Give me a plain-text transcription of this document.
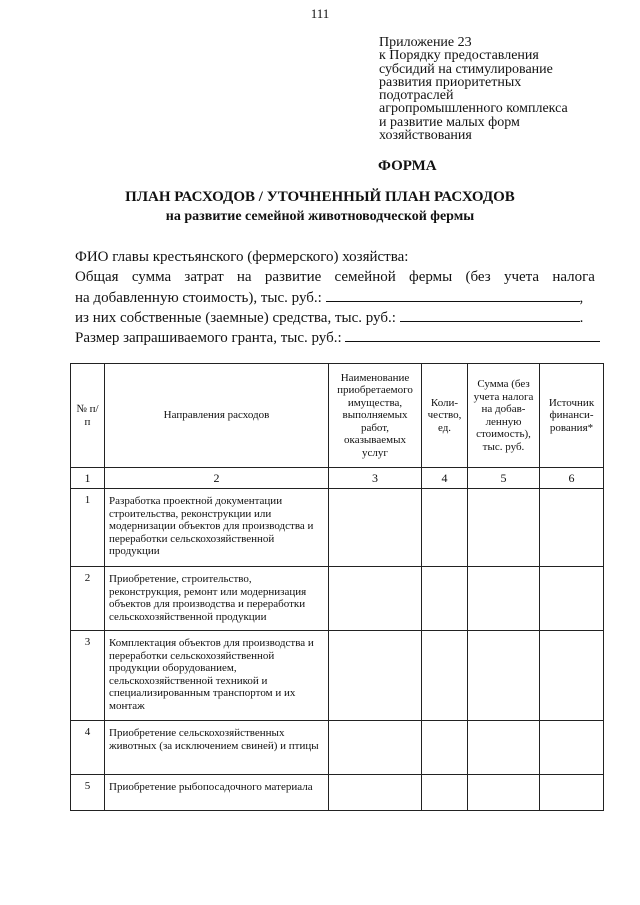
111
Приложение 23
к Порядку предоставления
субсидий на стимулирование
развития приоритетных
подотраслей
агропромышленного комплекса
и развитие малых форм
хозяйствования
ФОРМА
ПЛАН РАСХОДОВ / УТОЧНЕННЫЙ ПЛАН РАСХОДОВ
на развитие семейной животноводческой фермы
ФИО главы крестьянского (фермерского) хозяйства:
Общая сумма затрат на развитие семейной фермы (без учета налога
на добавленную стоимость), тыс. руб.:	,
из них собственные (заемные) средства, тыс. руб.:	.
Размер запрашиваемого гранта, тыс. руб.:
№ п/п	Направления расходов	Наименование приобретаемого имущества, выполняемых работ, оказываемых услуг	Коли- чество, ед.	Сумма (без учета налога на добав- ленную стоимость), тыс. руб.	Источник финанси- рования*
1	2	3	4	5	6
1	Разработка проектной документации строительства, реконструкции или модернизации объектов для производства и переработки сельскохозяйственной продукции				
2	Приобретение, строительство, реконструкция, ремонт или модернизация объектов для производства и переработки сельскохозяйственной продукции				
3	Комплектация объектов для производства и переработки сельскохозяйственной продукции оборудованием, сельскохозяйственной техникой и специализированным транспортом и их монтаж				
4	Приобретение сельскохозяйственных животных (за исключением свиней) и птицы				
5	Приобретение рыбопосадочного материала				
